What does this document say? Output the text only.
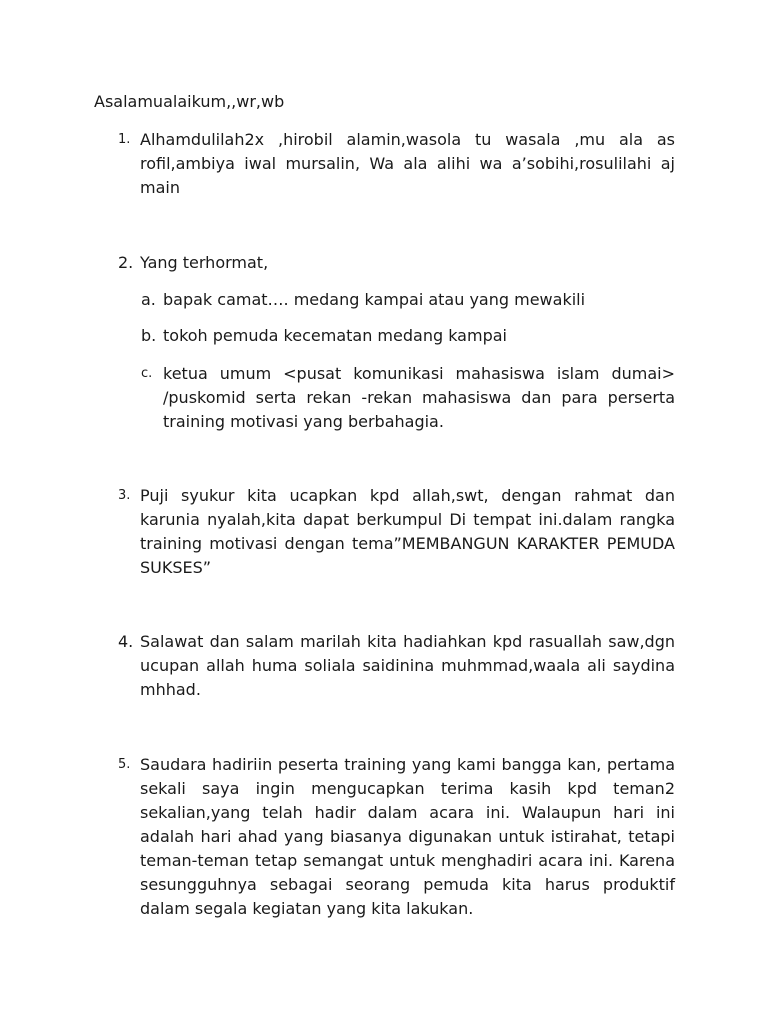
Asalamualaikum,,wr,wb

1. Alhamdulilah2x ,hirobil alamin,wasola tu wasala ,mu ala as rofil,ambiya iwal mursalin, Wa ala alihi wa a’sobihi,rosulilahi aj main
2. Yang terhormat,
a. bapak camat…. medang kampai atau yang mewakili
b. tokoh pemuda kecematan medang kampai
c. ketua umum <pusat komunikasi mahasiswa islam dumai> /puskomid serta rekan -rekan mahasiswa dan para perserta training motivasi yang berbahagia.
3. Puji syukur kita ucapkan kpd allah,swt, dengan rahmat dan karunia nyalah,kita dapat berkumpul Di tempat ini.dalam rangka training motivasi dengan tema”MEMBANGUN KARAKTER PEMUDA SUKSES”
4. Salawat dan salam marilah kita hadiahkan kpd rasuallah saw,dgn ucupan allah huma soliala saidinina muhmmad,waala ali saydina mhhad.
5. Saudara hadiriin peserta training yang kami bangga kan, pertama sekali saya ingin mengucapkan terima kasih kpd teman2 sekalian,yang telah hadir dalam acara ini. Walaupun hari ini adalah hari ahad yang biasanya digunakan untuk istirahat, tetapi teman-teman tetap semangat untuk menghadiri acara ini. Karena sesungguhnya sebagai seorang pemuda kita harus produktif dalam segala kegiatan yang kita lakukan.
